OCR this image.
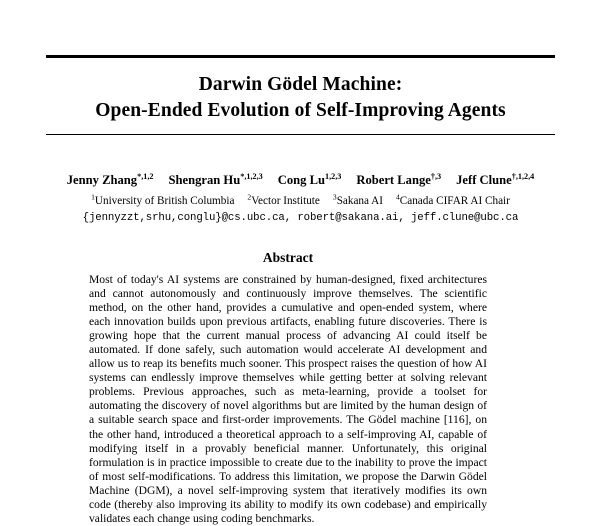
Darwin Gödel Machine:
Open-Ended Evolution of Self-Improving Agents
Jenny Zhang$^{*,1,2}$ Shengran $Hu^{*,1,2,3}$ Cong Lu$^{1,2,3}$ Robert Lange$^{\dagger,3}$ Jeff Clune$^{\dagger,1,2,4}$
$^1$University of British Columbia $^2$Vector Institute $^3$Sakana AI $^4$Canada CIFAR AI Chair
{jennyzzt,srhu,conglu}@cs.ubc.ca, robert@sakana.ai, jeff.clune@ubc.ca
Abstract
Most of today's AI systems are constrained by human-designed, fixed architectures and cannot autonomously and continuously improve themselves. The scientific method, on the other hand, provides a cumulative and open-ended system, where each innovation builds upon previous artifacts, enabling future discoveries. There is growing hope that the current manual process of advancing AI could itself be automated. If done safely, such automation would accelerate AI development and allow us to reap its benefits much sooner. This prospect raises the question of how AI systems can endlessly improve themselves while getting better at solving relevant problems. Previous approaches, such as meta-learning, provide a toolset for automating the discovery of novel algorithms but are limited by the human design of a suitable search space and first-order improvements. The Gödel machine [116], on the other hand, introduced a theoretical approach to a self-improving AI, capable of modifying itself in a provably beneficial manner. Unfortunately, this original formulation is in practice impossible to create due to the inability to prove the impact of most self-modifications. To address this limitation, we propose the Darwin Gödel Machine (DGM), a novel self-improving system that iteratively modifies its own code (thereby also improving its ability to modify its own codebase) and empirically validates each change using coding benchmarks.
